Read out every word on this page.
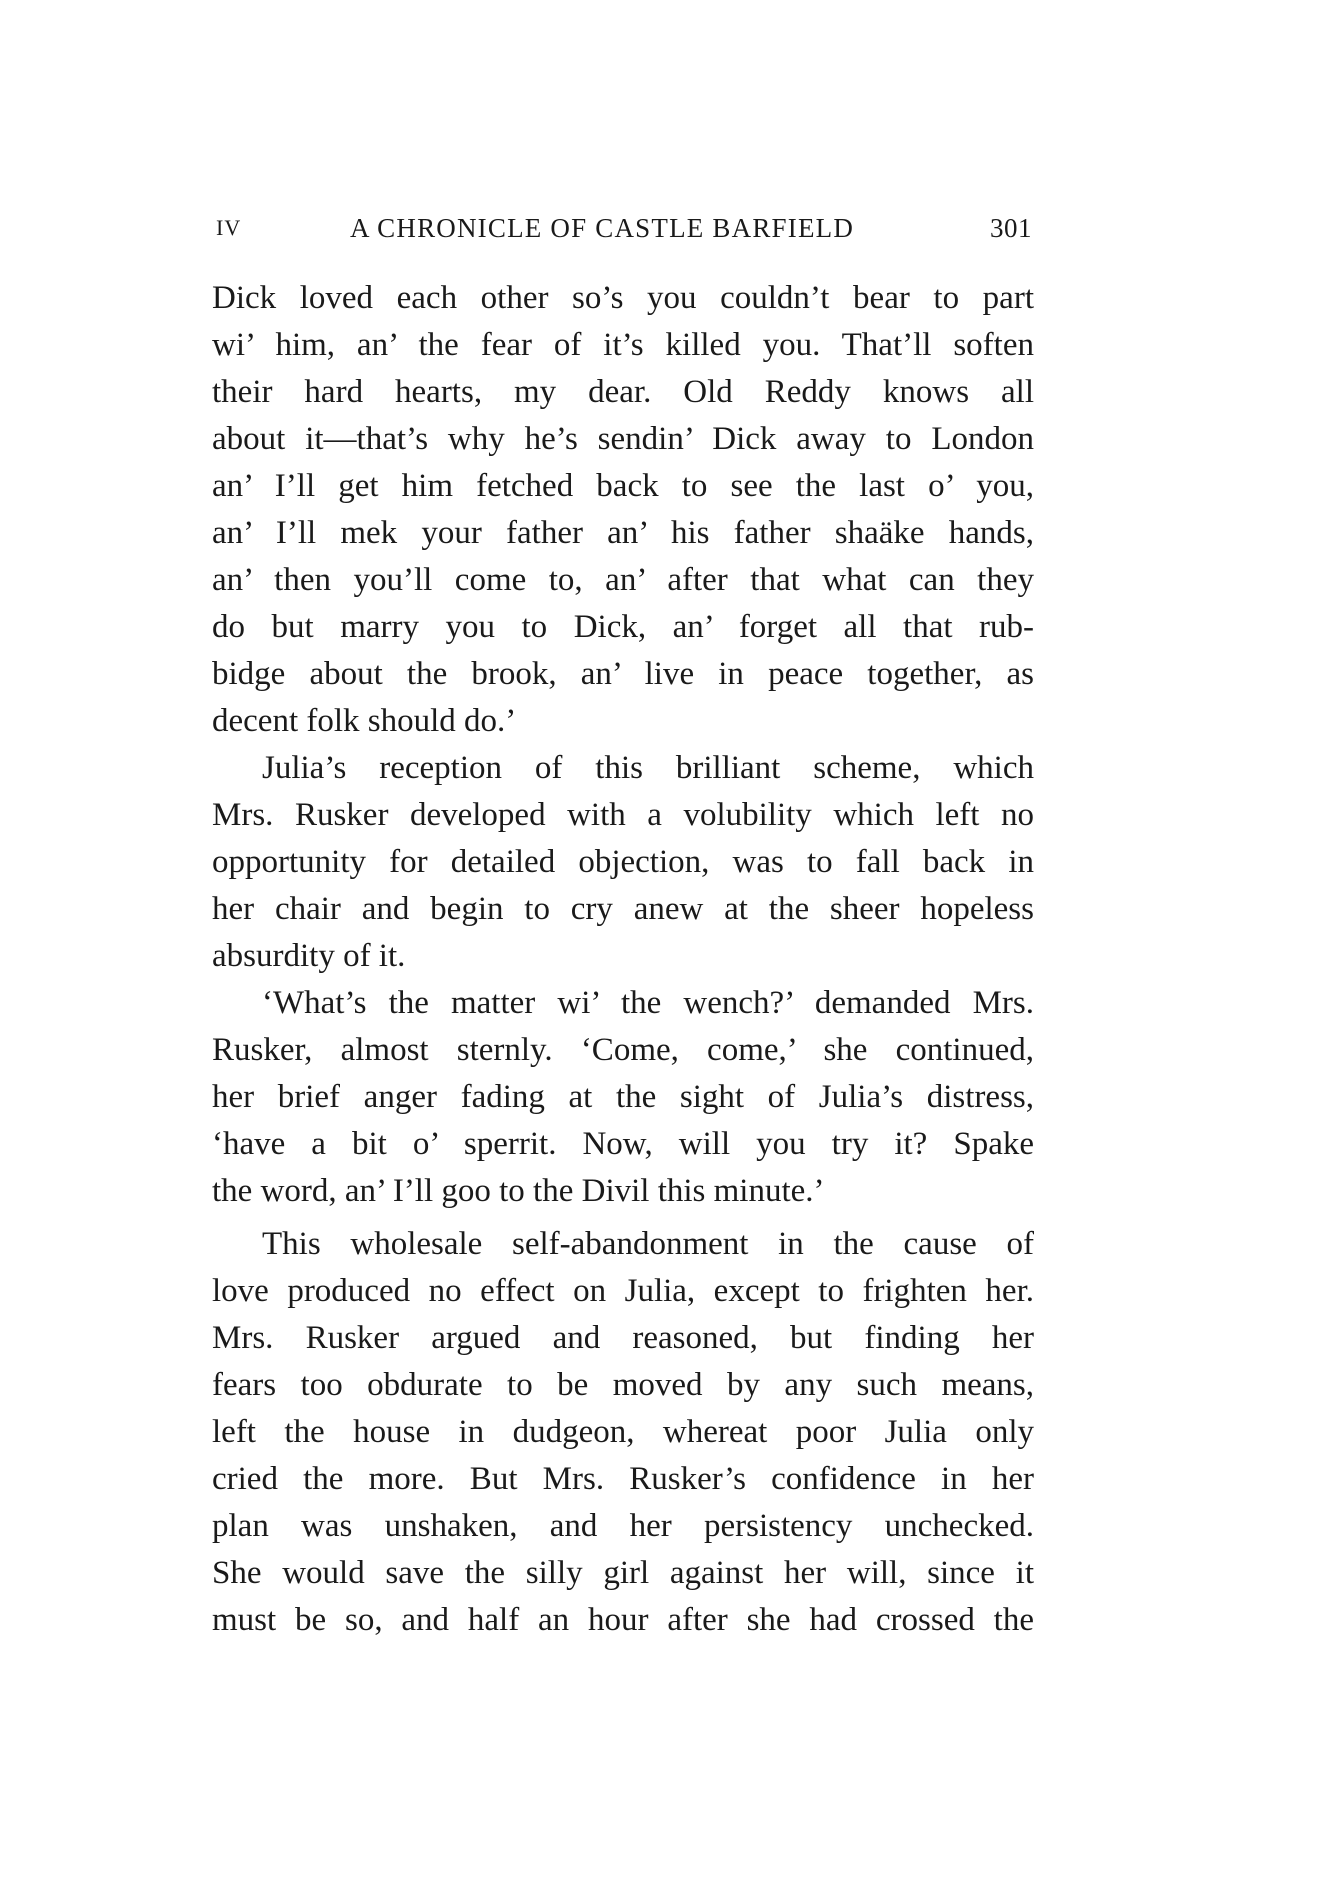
IV	A CHRONICLE OF CASTLE BARFIELD	301
Dick loved each other so’s you couldn’t bear to part
wi’ him, an’ the fear of it’s killed you. That’ll soften
their hard hearts, my dear. Old Reddy knows all
about it—that’s why he’s sendin’ Dick away to London
an’ I’ll get him fetched back to see the last o’ you,
an’ I’ll mek your father an’ his father shaäke hands,
an’ then you’ll come to, an’ after that what can they
do but marry you to Dick, an’ forget all that rub-
bidge about the brook, an’ live in peace together, as
decent folk should do.’
Julia’s reception of this brilliant scheme, which
Mrs. Rusker developed with a volubility which left no
opportunity for detailed objection, was to fall back in
her chair and begin to cry anew at the sheer hopeless
absurdity of it.
‘What’s the matter wi’ the wench?’ demanded Mrs.
Rusker, almost sternly. ‘Come, come,’ she continued,
her brief anger fading at the sight of Julia’s distress,
‘have a bit o’ sperrit. Now, will you try it? Spake
the word, an’ I’ll goo to the Divil this minute.’
This wholesale self-abandonment in the cause of
love produced no effect on Julia, except to frighten her.
Mrs. Rusker argued and reasoned, but finding her
fears too obdurate to be moved by any such means,
left the house in dudgeon, whereat poor Julia only
cried the more. But Mrs. Rusker’s confidence in her
plan was unshaken, and her persistency unchecked.
She would save the silly girl against her will, since it
must be so, and half an hour after she had crossed the
